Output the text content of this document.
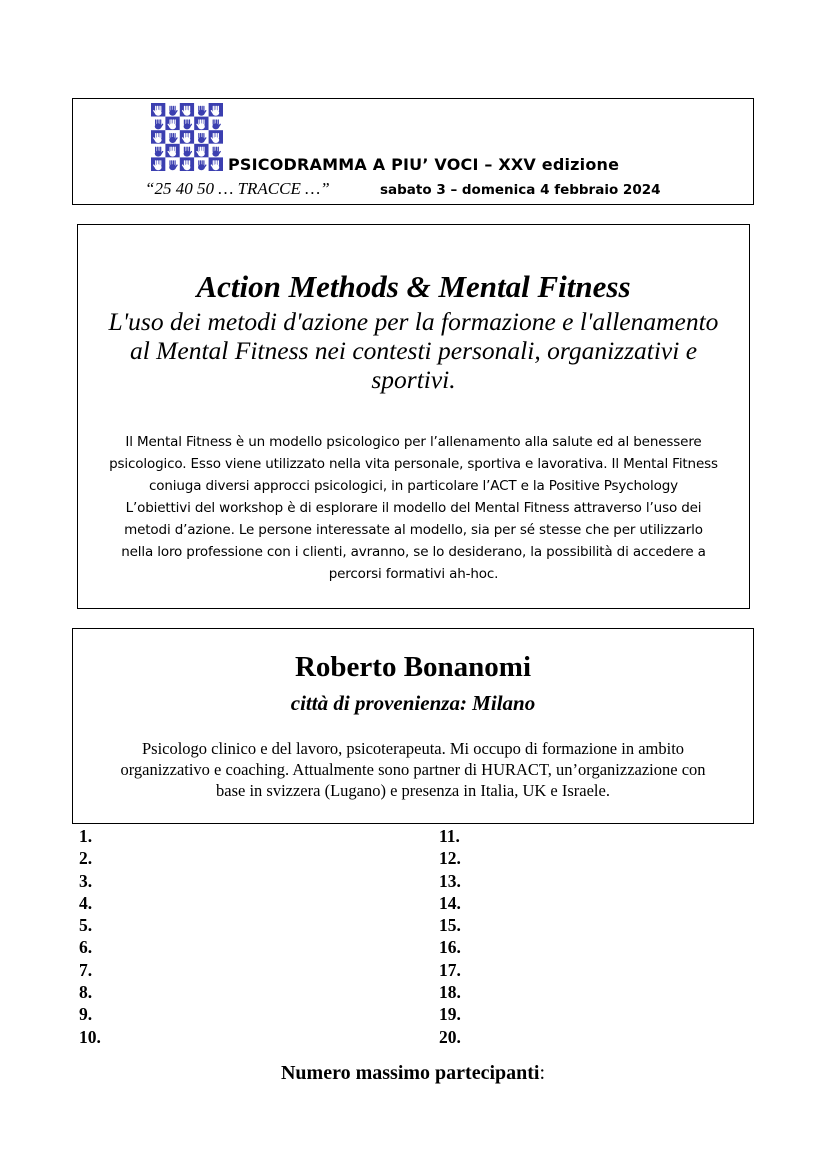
PSICODRAMMA A PIU’ VOCI – XXV edizione
“25 40 50 … TRACCE …”	sabato 3 – domenica 4 febbraio 2024
Action Methods & Mental Fitness
L'uso dei metodi d'azione per la formazione e l'allenamento
al Mental Fitness nei contesti personali, organizzativi e
sportivi.
Il Mental Fitness è un modello psicologico per l’allenamento alla salute ed al benessere
psicologico. Esso viene utilizzato nella vita personale, sportiva e lavorativa. Il Mental Fitness
coniuga diversi approcci psicologici, in particolare l’ACT e la Positive Psychology
L’obiettivi del workshop è di esplorare il modello del Mental Fitness attraverso l’uso dei
metodi d’azione. Le persone interessate al modello, sia per sé stesse che per utilizzarlo
nella loro professione con i clienti, avranno, se lo desiderano, la possibilità di accedere a
percorsi formativi ah-hoc.
Roberto Bonanomi
città di provenienza: Milano
Psicologo clinico e del lavoro, psicoterapeuta. Mi occupo di formazione in ambito
organizzativo e coaching. Attualmente sono partner di HURACT, un’organizzazione con
base in svizzera (Lugano) e presenza in Italia, UK e Israele.
1.
2.
3.
4.
5.
6.
7.
8.
9.
10.
11.
12.
13.
14.
15.
16.
17.
18.
19.
20.
Numero massimo partecipanti:
